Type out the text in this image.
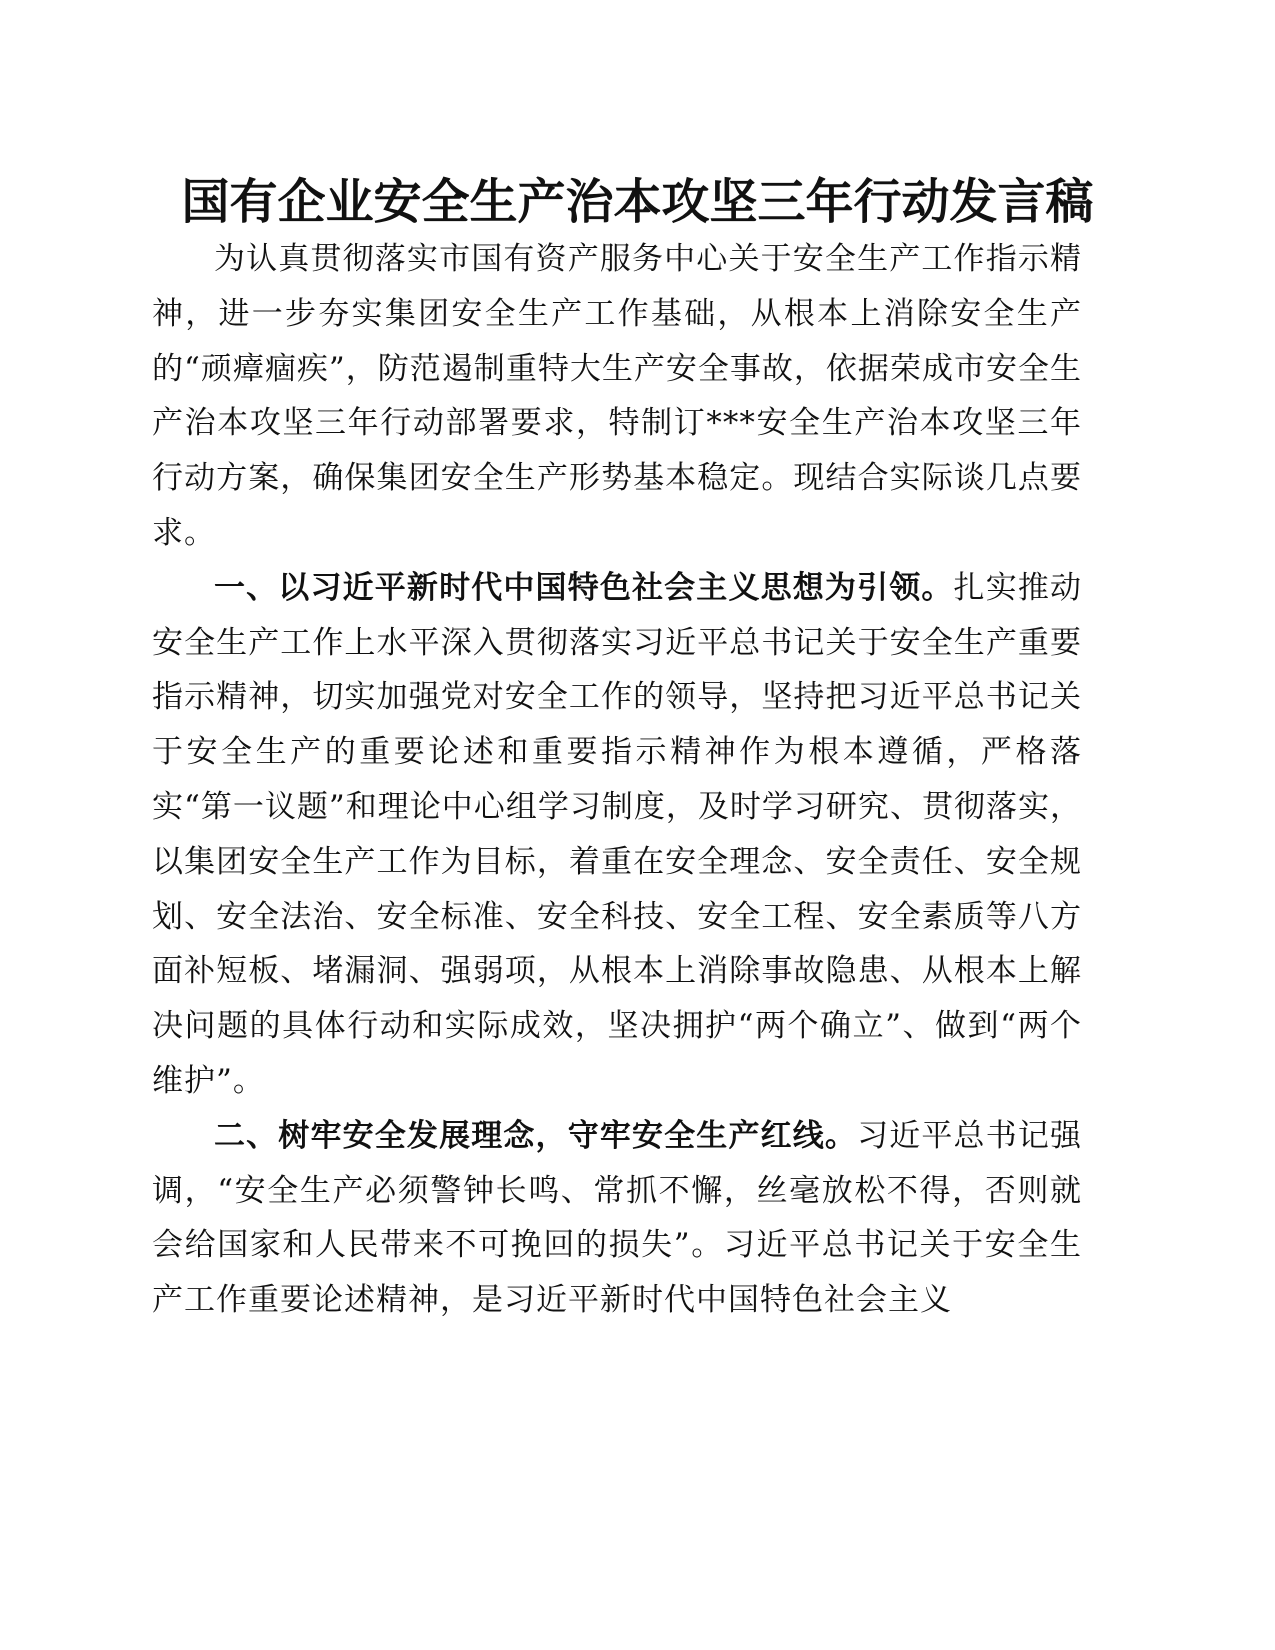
国有企业安全生产治本攻坚三年行动发言稿

为认真贯彻落实市国有资产服务中心关于安全生产工作指示精神，进一步夯实集团安全生产工作基础，从根本上消除安全生产的“顽瘴痼疾”，防范遏制重特大生产安全事故，依据荣成市安全生产治本攻坚三年行动部署要求，特制订***安全生产治本攻坚三年行动方案，确保集团安全生产形势基本稳定。现结合实际谈几点要求。

一、以习近平新时代中国特色社会主义思想为引领。扎实推动安全生产工作上水平深入贯彻落实习近平总书记关于安全生产重要指示精神，切实加强党对安全工作的领导，坚持把习近平总书记关于安全生产的重要论述和重要指示精神作为根本遵循，严格落实“第一议题”和理论中心组学习制度，及时学习研究、贯彻落实，以集团安全生产工作为目标，着重在安全理念、安全责任、安全规划、安全法治、安全标准、安全科技、安全工程、安全素质等八方面补短板、堵漏洞、强弱项，从根本上消除事故隐患、从根本上解决问题的具体行动和实际成效，坚决拥护“两个确立”、做到“两个维护”。

二、树牢安全发展理念，守牢安全生产红线。习近平总书记强调，“安全生产必须警钟长鸣、常抓不懈，丝毫放松不得，否则就会给国家和人民带来不可挽回的损失”。习近平总书记关于安全生产工作重要论述精神，是习近平新时代中国特色社会主义
